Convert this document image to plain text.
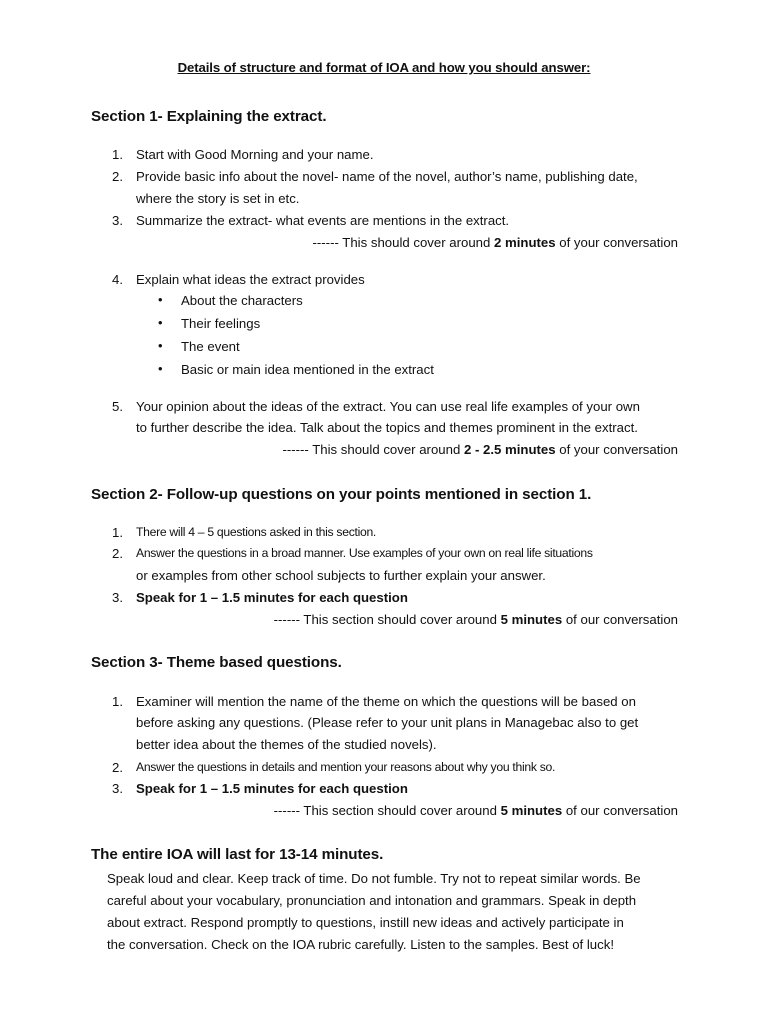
Details of structure and format of IOA and how you should answer:
Section 1- Explaining the extract.
1. Start with Good Morning and your name.
2. Provide basic info about the novel- name of the novel, author’s name, publishing date,
where the story is set in etc.
3. Summarize the extract- what events are mentions in the extract.
------ This should cover around 2 minutes of your conversation
4. Explain what ideas the extract provides
• About the characters
• Their feelings
• The event
• Basic or main idea mentioned in the extract
5. Your opinion about the ideas of the extract. You can use real life examples of your own
to further describe the idea. Talk about the topics and themes prominent in the extract.
------ This should cover around 2 - 2.5 minutes of your conversation
Section 2- Follow-up questions on your points mentioned in section 1.
1. There will 4 – 5 questions asked in this section.
2. Answer the questions in a broad manner. Use examples of your own on real life situations
or examples from other school subjects to further explain your answer.
3. Speak for 1 – 1.5 minutes for each question
------ This section should cover around 5 minutes of our conversation
Section 3- Theme based questions.
1. Examiner will mention the name of the theme on which the questions will be based on
before asking any questions. (Please refer to your unit plans in Managebac also to get
better idea about the themes of the studied novels).
2. Answer the questions in details and mention your reasons about why you think so.
3. Speak for 1 – 1.5 minutes for each question
------ This section should cover around 5 minutes of our conversation
The entire IOA will last for 13-14 minutes.
Speak loud and clear. Keep track of time. Do not fumble. Try not to repeat similar words. Be
careful about your vocabulary, pronunciation and intonation and grammars. Speak in depth
about extract. Respond promptly to questions, instill new ideas and actively participate in
the conversation. Check on the IOA rubric carefully. Listen to the samples. Best of luck!
